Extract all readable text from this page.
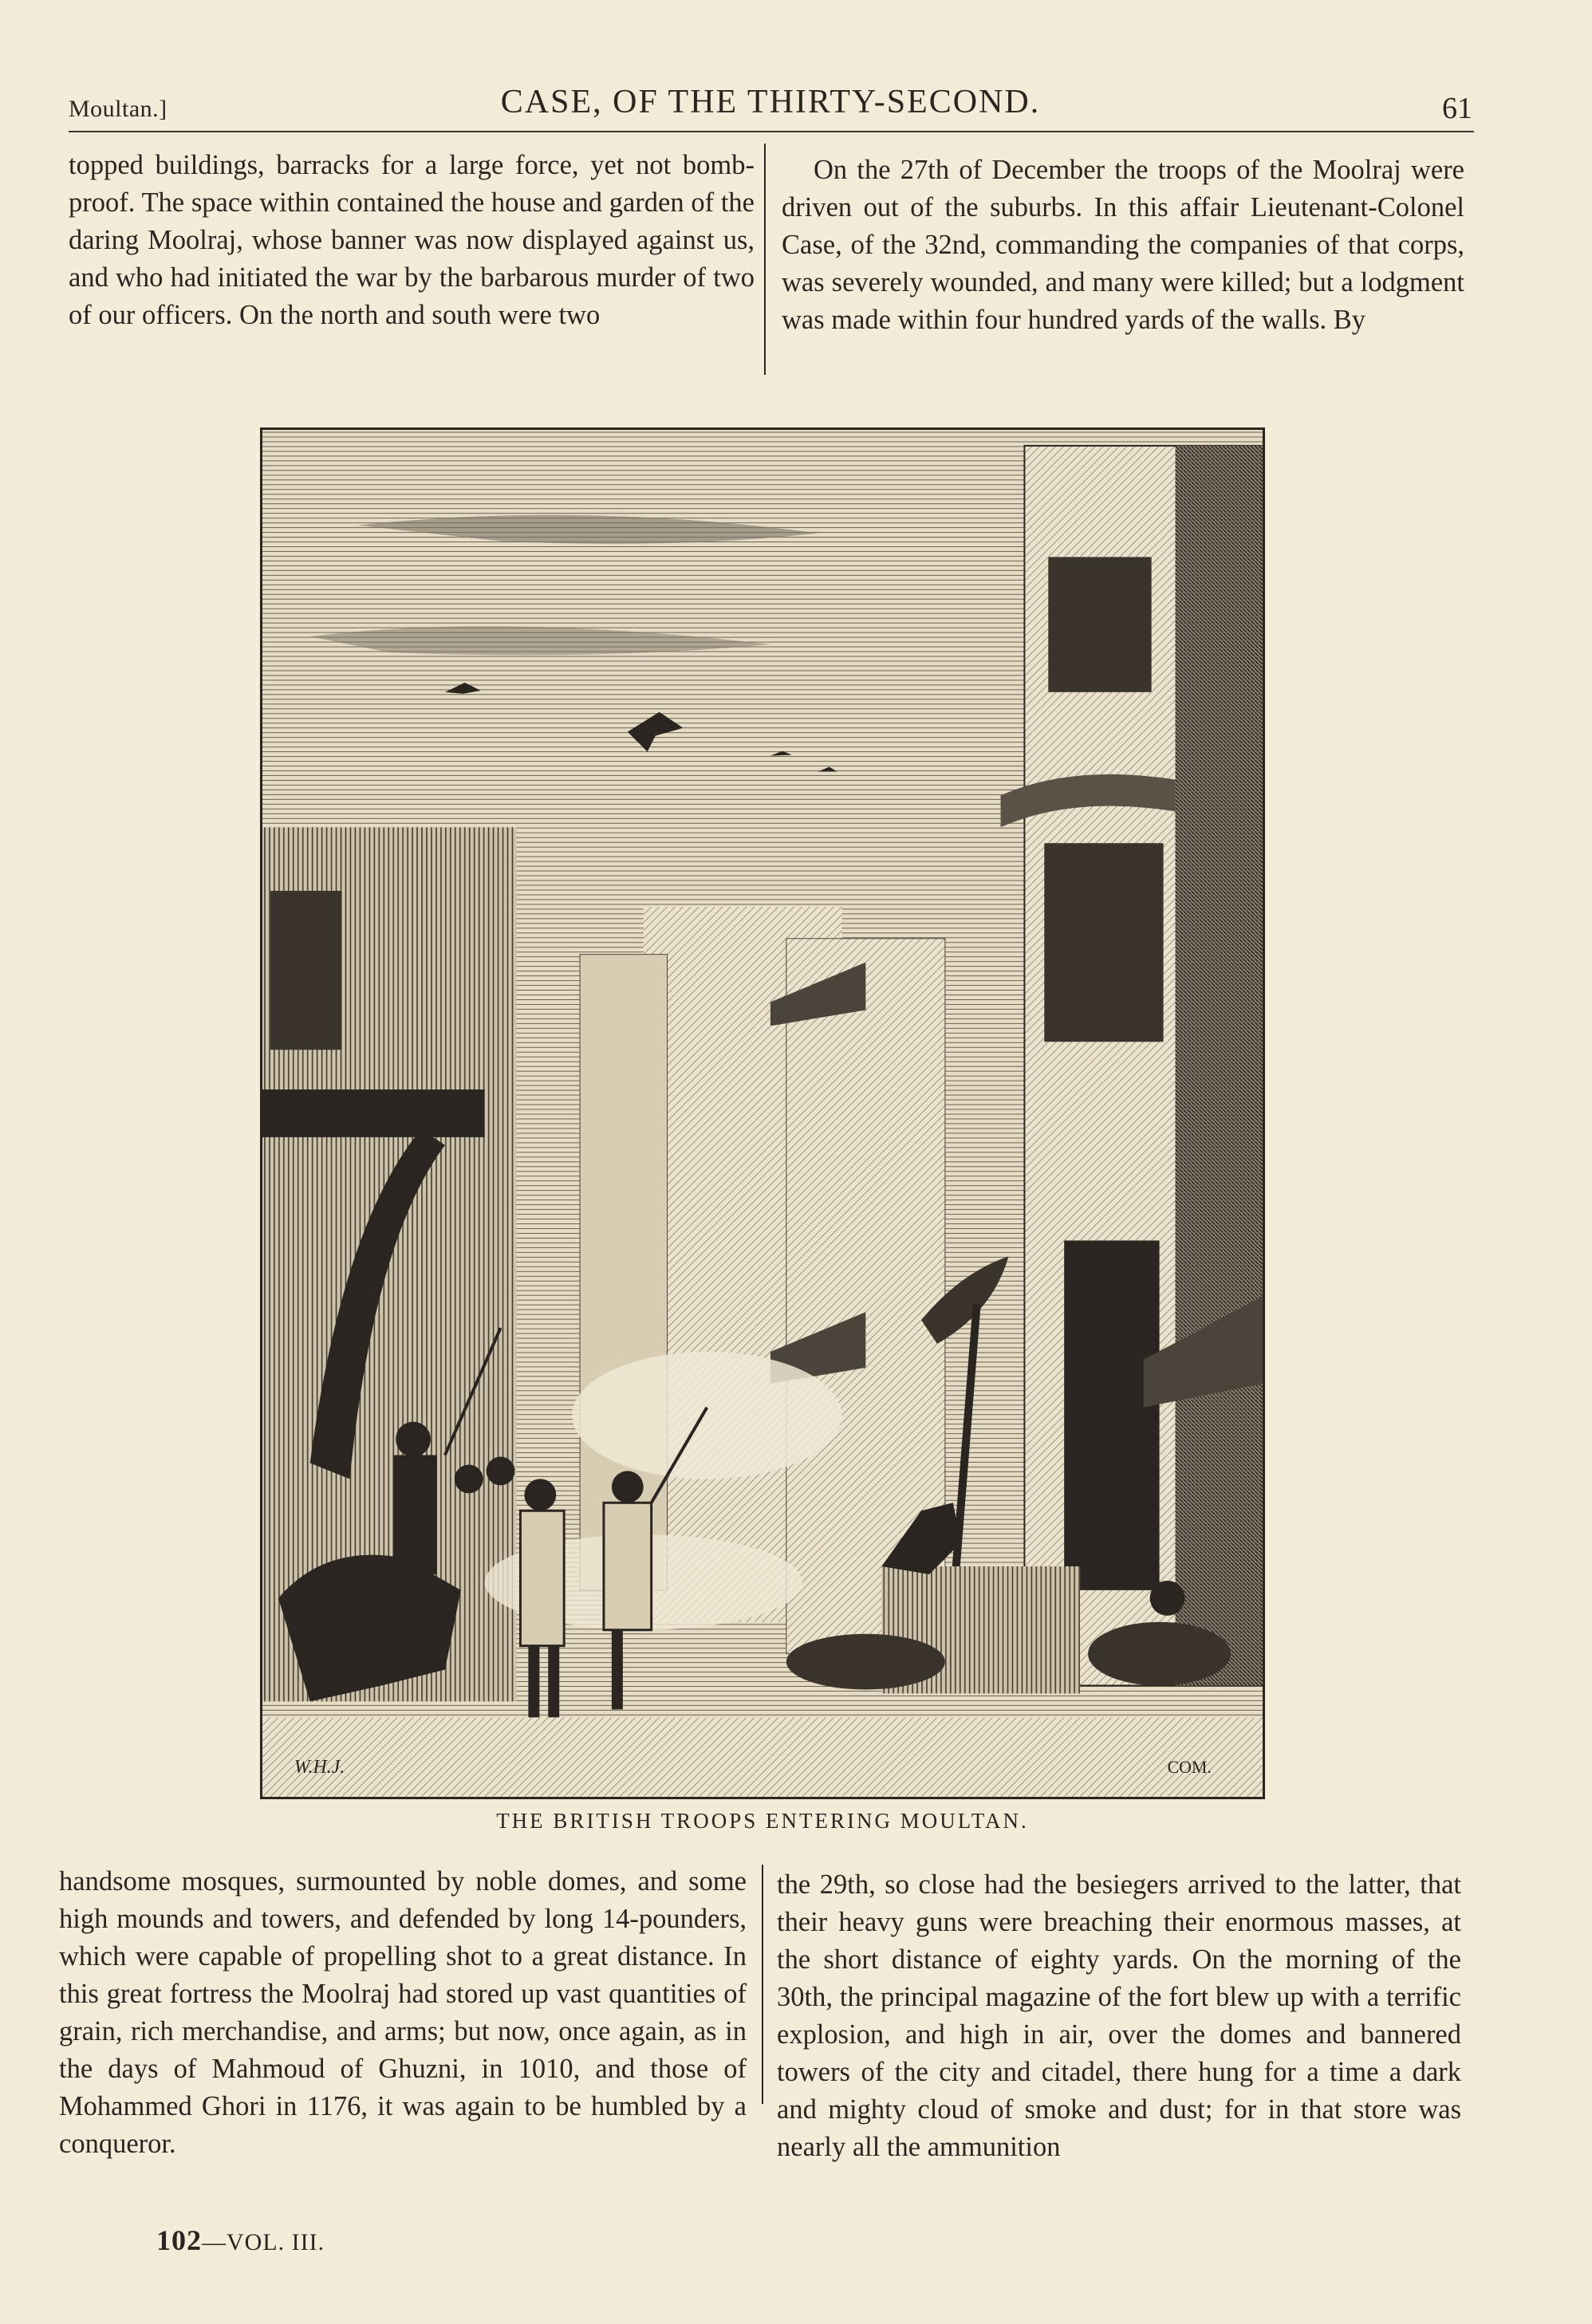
Moultan.]	CASE, OF THE THIRTY-SECOND.	61

topped buildings, barracks for a large force, yet not bomb-proof. The space within contained the house and garden of the daring Moolraj, whose banner was now displayed against us, and who had initiated the war by the barbarous murder of two of our officers. On the north and south were two

On the 27th of December the troops of the Moolraj were driven out of the suburbs. In this affair Lieutenant-Colonel Case, of the 32nd, commanding the companies of that corps, was severely wounded, and many were killed; but a lodgment was made within four hundred yards of the walls. By

W.H.J.	COM.
THE BRITISH TROOPS ENTERING MOULTAN.

handsome mosques, surmounted by noble domes, and some high mounds and towers, and defended by long 14-pounders, which were capable of propelling shot to a great distance. In this great fortress the Moolraj had stored up vast quantities of grain, rich merchandise, and arms; but now, once again, as in the days of Mahmoud of Ghuzni, in 1010, and those of Mohammed Ghori in 1176, it was again to be humbled by a conqueror.

the 29th, so close had the besiegers arrived to the latter, that their heavy guns were breaching their enormous masses, at the short distance of eighty yards. On the morning of the 30th, the principal magazine of the fort blew up with a terrific explosion, and high in air, over the domes and bannered towers of the city and citadel, there hung for a time a dark and mighty cloud of smoke and dust; for in that store was nearly all the ammunition

102—VOL. III.
